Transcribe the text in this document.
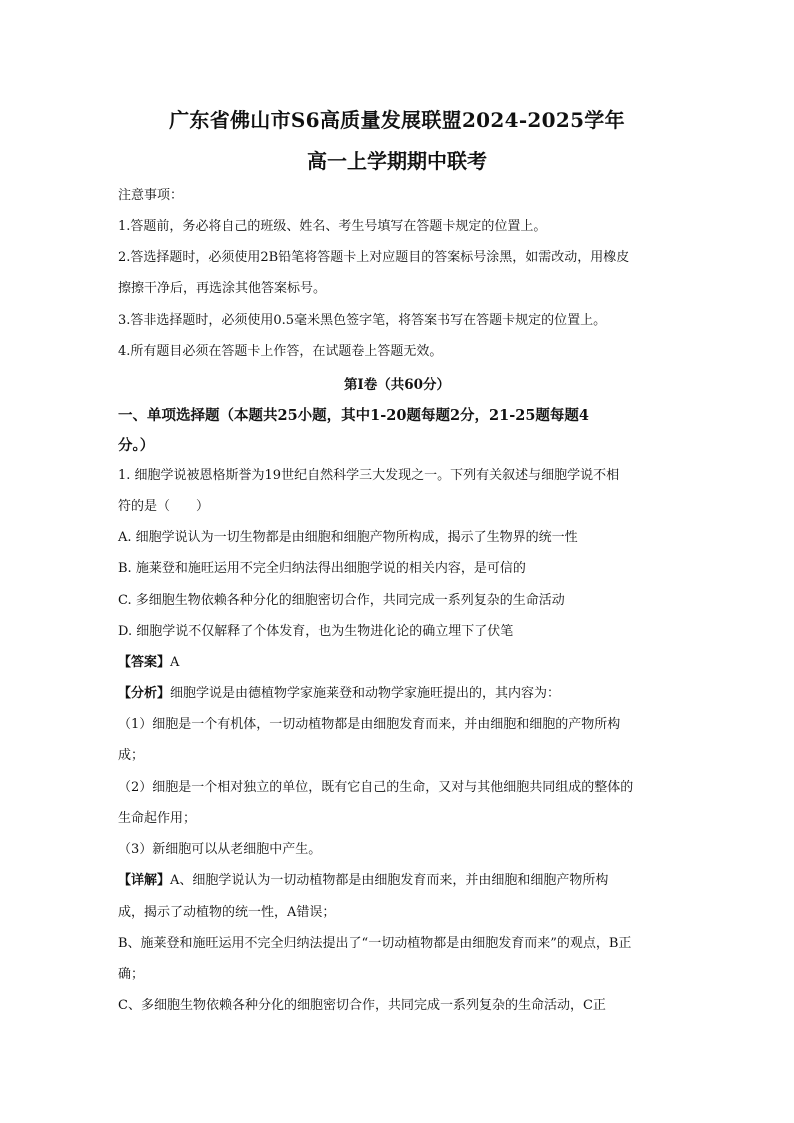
广东省佛山市S6高质量发展联盟2024-2025学年
高一上学期期中联考
注意事项：
1.答题前，务必将自己的班级、姓名、考生号填写在答题卡规定的位置上。
2.答选择题时，必须使用2B铅笔将答题卡上对应题目的答案标号涂黑，如需改动，用橡皮
擦擦干净后，再选涂其他答案标号。
3.答非选择题时，必须使用0.5毫米黑色签字笔，将答案书写在答题卡规定的位置上。
4.所有题目必须在答题卡上作答，在试题卷上答题无效。
第I卷（共60分）
一、单项选择题（本题共25小题，其中1-20题每题2分，21-25题每题4
分。）
1. 细胞学说被恩格斯誉为19世纪自然科学三大发现之一。下列有关叙述与细胞学说不相
符的是（　　）
A. 细胞学说认为一切生物都是由细胞和细胞产物所构成，揭示了生物界的统一性
B. 施莱登和施旺运用不完全归纳法得出细胞学说的相关内容，是可信的
C. 多细胞生物依赖各种分化的细胞密切合作，共同完成一系列复杂的生命活动
D. 细胞学说不仅解释了个体发育，也为生物进化论的确立埋下了伏笔
【答案】A
【分析】细胞学说是由德植物学家施莱登和动物学家施旺提出的，其内容为：
（1）细胞是一个有机体，一切动植物都是由细胞发育而来，并由细胞和细胞的产物所构
成；
（2）细胞是一个相对独立的单位，既有它自己的生命，又对与其他细胞共同组成的整体的
生命起作用；
（3）新细胞可以从老细胞中产生。
【详解】A、细胞学说认为一切动植物都是由细胞发育而来，并由细胞和细胞产物所构
成，揭示了动植物的统一性，A错误；
B、施莱登和施旺运用不完全归纳法提出了“一切动植物都是由细胞发育而来”的观点，B正
确；
C、多细胞生物依赖各种分化的细胞密切合作，共同完成一系列复杂的生命活动，C正
